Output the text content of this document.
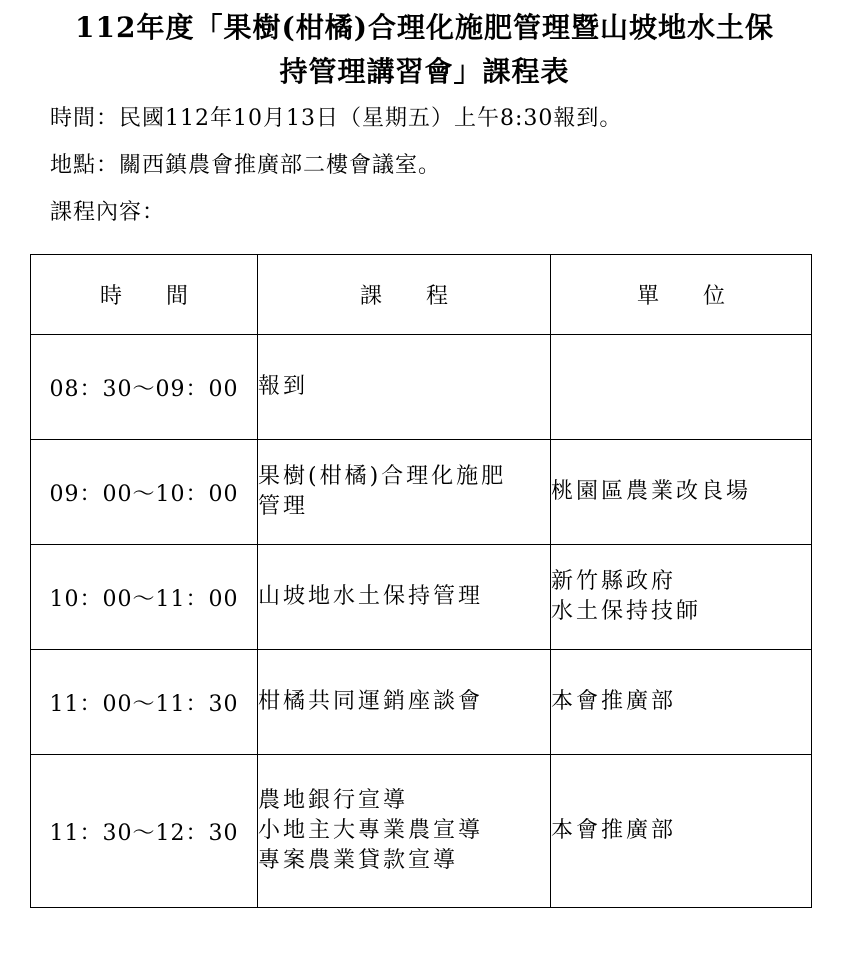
112年度「果樹(柑橘)合理化施肥管理暨山坡地水土保
持管理講習會」課程表
時間：民國112年10月13日（星期五）上午8:30報到。
地點：關西鎮農會推廣部二樓會議室。
課程內容：
時　　間	課　　程	單　　位
08：30～09：00	報到	

09：00～10：00	果樹(柑橘)合理化施肥
管理	桃園區農業改良場

10：00～11：00	山坡地水土保持管理	新竹縣政府
水土保持技師

11：00～11：30	柑橘共同運銷座談會	本會推廣部

11：30～12：30	農地銀行宣導
小地主大專業農宣導
專案農業貸款宣導	本會推廣部
